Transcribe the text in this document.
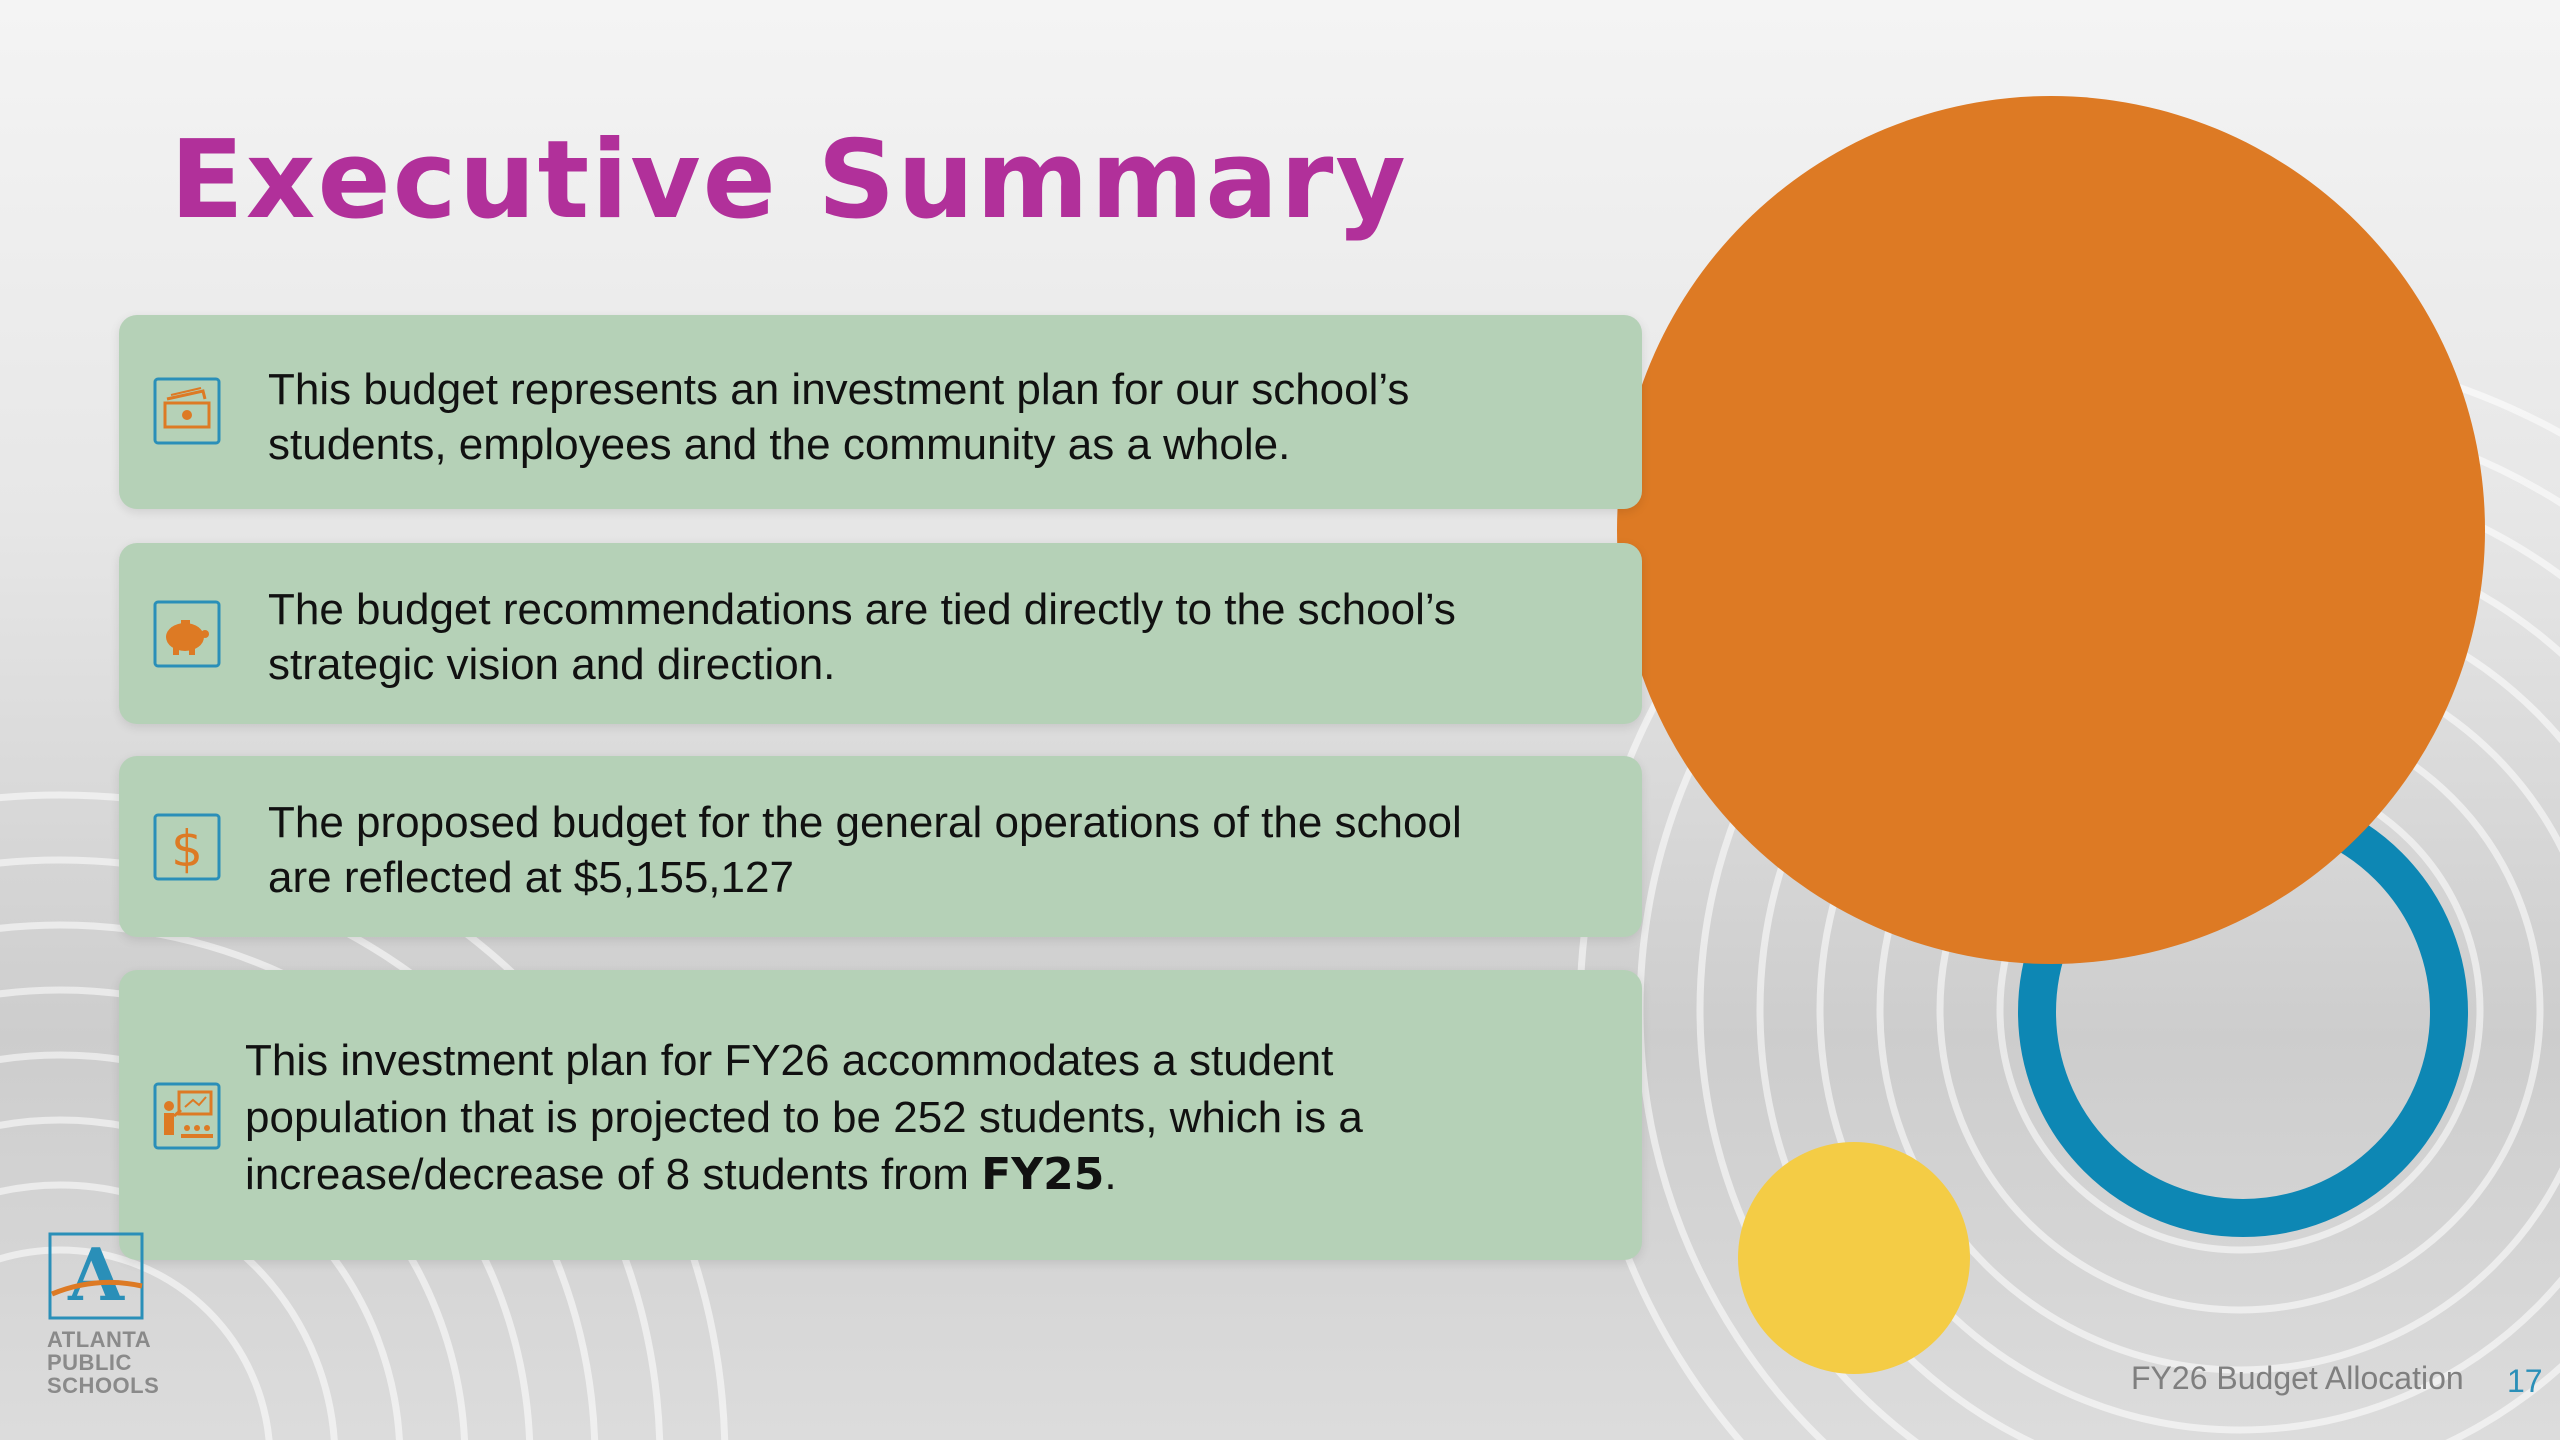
Executive Summary

This budget represents an investment plan for our school’s
students, employees and the community as a whole.

The budget recommendations are tied directly to the school’s
strategic vision and direction.

$ The proposed budget for the general operations of the school
are reflected at $5,155,127

This investment plan for FY26 accommodates a student
population that is projected to be 252 students, which is a
increase/decrease of 8 students from FY25.

A

ATLANTA
PUBLIC
SCHOOLS	FY26 Budget Allocation 17
